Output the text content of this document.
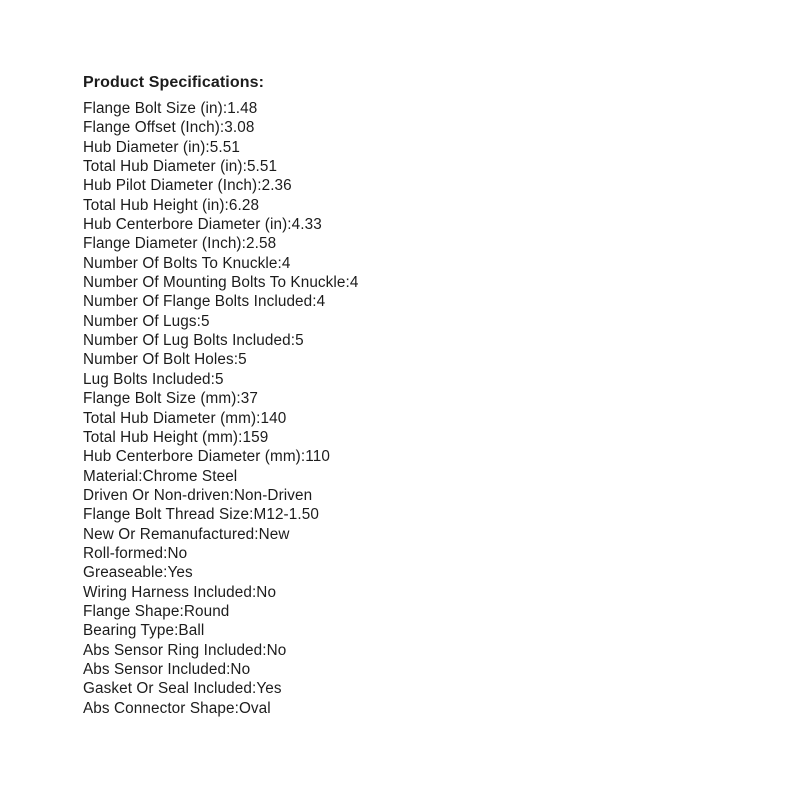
Product Specifications:
Flange Bolt Size (in):1.48
Flange Offset (Inch):3.08
Hub Diameter (in):5.51
Total Hub Diameter (in):5.51
Hub Pilot Diameter (Inch):2.36
Total Hub Height (in):6.28
Hub Centerbore Diameter (in):4.33
Flange Diameter (Inch):2.58
Number Of Bolts To Knuckle:4
Number Of Mounting Bolts To Knuckle:4
Number Of Flange Bolts Included:4
Number Of Lugs:5
Number Of Lug Bolts Included:5
Number Of Bolt Holes:5
Lug Bolts Included:5
Flange Bolt Size (mm):37
Total Hub Diameter (mm):140
Total Hub Height (mm):159
Hub Centerbore Diameter (mm):110
Material:Chrome Steel
Driven Or Non-driven:Non-Driven
Flange Bolt Thread Size:M12-1.50
New Or Remanufactured:New
Roll-formed:No
Greaseable:Yes
Wiring Harness Included:No
Flange Shape:Round
Bearing Type:Ball
Abs Sensor Ring Included:No
Abs Sensor Included:No
Gasket Or Seal Included:Yes
Abs Connector Shape:Oval
